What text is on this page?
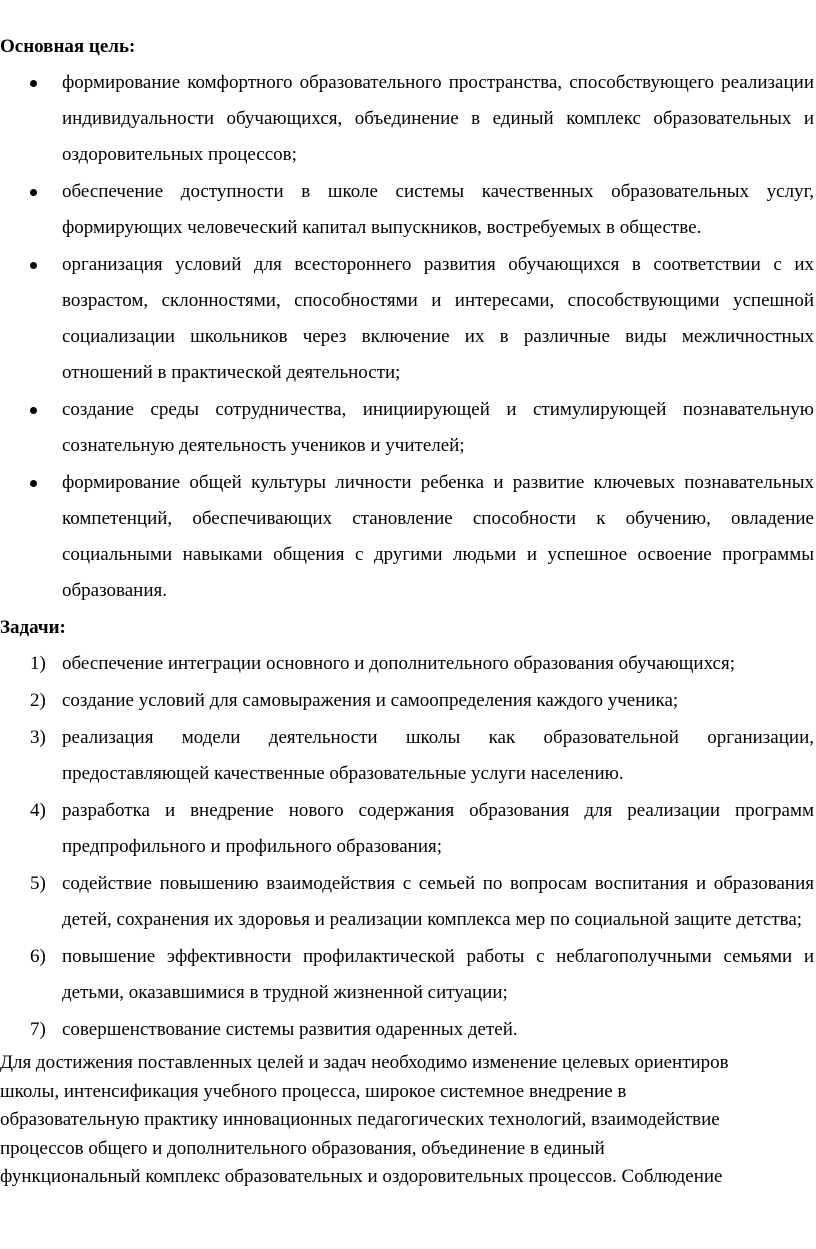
Основная цель:

формирование комфортного образовательного пространства, способствующего реализации индивидуальности обучающихся, объединение в единый комплекс образовательных и оздоровительных процессов;
обеспечение доступности в школе системы качественных образовательных услуг, формирующих человеческий капитал выпускников, востребуемых в обществе.
организация условий для всестороннего развития обучающихся в соответствии с их возрастом, склонностями, способностями и интересами, способствующими успешной социализации школьников через включение их в различные виды межличностных отношений в практической деятельности;
создание среды сотрудничества, инициирующей и стимулирующей познавательную сознательную деятельность учеников и учителей;
формирование общей культуры личности ребенка и развитие ключевых познавательных компетенций, обеспечивающих становление способности к обучению, овладение социальными навыками общения с другими людьми и успешное освоение программы образования.

Задачи:

1) обеспечение интеграции основного и дополнительного образования обучающихся;
2) создание условий для самовыражения и самоопределения каждого ученика;
3) реализация модели деятельности школы как образовательной организации, предоставляющей качественные образовательные услуги населению.
4) разработка и внедрение нового содержания образования для реализации программ предпрофильного и профильного образования;
5) содействие повышению взаимодействия с семьей по вопросам воспитания и образования детей, сохранения их здоровья и реализации комплекса мер по социальной защите детства;
6) повышение эффективности профилактической работы с неблагополучными семьями и детьми, оказавшимися в трудной жизненной ситуации;
7) совершенствование системы развития одаренных детей.

Для достижения поставленных целей и задач необходимо изменение целевых ориентиров
школы, интенсификация учебного процесса, широкое системное внедрение в
образовательную практику инновационных педагогических технологий, взаимодействие
процессов общего и дополнительного образования, объединение в единый
функциональный комплекс образовательных и оздоровительных процессов. Соблюдение
